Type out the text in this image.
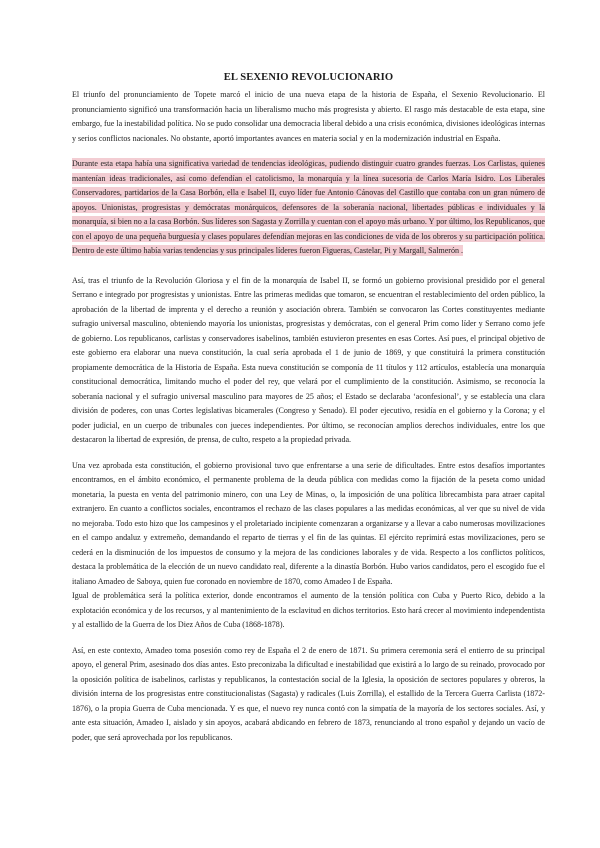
EL SEXENIO REVOLUCIONARIO

El triunfo del pronunciamiento de Topete marcó el inicio de una nueva etapa de la historia de España, el Sexenio Revolucionario. El pronunciamiento significó una transformación hacia un liberalismo mucho más progresista y abierto. El rasgo más destacable de esta etapa, sine embargo, fue la inestabilidad política. No se pudo consolidar una democracia liberal debido a una crisis económica, divisiones ideológicas internas y serios conflictos nacionales. No obstante, aportó importantes avances en materia social y en la modernización industrial en España.

Durante esta etapa había una significativa variedad de tendencias ideológicas, pudiendo distinguir cuatro grandes fuerzas. Los Carlistas, quienes mantenían ideas tradicionales, así como defendían el catolicismo, la monarquía y la línea sucesoria de Carlos María Isidro. Los Liberales Conservadores, partidarios de la Casa Borbón, ella e Isabel II, cuyo líder fue Antonio Cánovas del Castillo que contaba con un gran número de apoyos. Unionistas, progresistas y demócratas monárquicos, defensores de la soberanía nacional, libertades públicas e individuales y la monarquía, si bien no a la casa Borbón. Sus líderes son Sagasta y Zorrilla y cuentan con el apoyo más urbano. Y por último, los Republicanos, que con el apoyo de una pequeña burguesía y clases populares defendían mejoras en las condiciones de vida de los obreros y su participación política. Dentro de este último había varias tendencias y sus principales líderes fueron Figueras, Castelar, Pi y Margall, Salmerón .

Así, tras el triunfo de la Revolución Gloriosa y el fin de la monarquía de Isabel II, se formó un gobierno provisional presidido por el general Serrano e integrado por progresistas y unionistas. Entre las primeras medidas que tomaron, se encuentran el restablecimiento del orden público, la aprobación de la libertad de imprenta y el derecho a reunión y asociación obrera. También se convocaron las Cortes constituyentes mediante sufragio universal masculino, obteniendo mayoría los unionistas, progresistas y demócratas, con el general Prim como líder y Serrano como jefe de gobierno. Los republicanos, carlistas y conservadores isabelinos, también estuvieron presentes en esas Cortes. Así pues, el principal objetivo de este gobierno era elaborar una nueva constitución, la cual sería aprobada el 1 de junio de 1869, y que constituirá la primera constitución propiamente democrática de la Historia de España. Esta nueva constitución se componía de 11 títulos y 112 artículos, establecía una monarquía constitucional democrática, limitando mucho el poder del rey, que velará por el cumplimiento de la constitución. Asimismo, se reconocía la soberanía nacional y el sufragio universal masculino para mayores de 25 años; el Estado se declaraba ‘aconfesional’, y se establecía una clara división de poderes, con unas Cortes legislativas bicamerales (Congreso y Senado). El poder ejecutivo, residía en el gobierno y la Corona; y el poder judicial, en un cuerpo de tribunales con jueces independientes. Por último, se reconocían amplios derechos individuales, entre los que destacaron la libertad de expresión, de prensa, de culto, respeto a la propiedad privada.

Una vez aprobada esta constitución, el gobierno provisional tuvo que enfrentarse a una serie de dificultades. Entre estos desafíos importantes encontramos, en el ámbito económico, el permanente problema de la deuda pública con medidas como la fijación de la peseta como unidad monetaria, la puesta en venta del patrimonio minero, con una Ley de Minas, o, la imposición de una política librecambista para atraer capital extranjero. En cuanto a conflictos sociales, encontramos el rechazo de las clases populares a las medidas económicas, al ver que su nivel de vida no mejoraba. Todo esto hizo que los campesinos y el proletariado incipiente comenzaran a organizarse y a llevar a cabo numerosas movilizaciones en el campo andaluz y extremeño, demandando el reparto de tierras y el fin de las quintas. El ejército reprimirá estas movilizaciones, pero se cederá en la disminución de los impuestos de consumo y la mejora de las condiciones laborales y de vida. Respecto a los conflictos políticos, destaca la problemática de la elección de un nuevo candidato real, diferente a la dinastía Borbón. Hubo varios candidatos, pero el escogido fue el italiano Amadeo de Saboya, quien fue coronado en noviembre de 1870, como Amadeo I de España.

Igual de problemática será la política exterior, donde encontramos el aumento de la tensión política con Cuba y Puerto Rico, debido a la explotación económica y de los recursos, y al mantenimiento de la esclavitud en dichos territorios. Esto hará crecer al movimiento independentista y al estallido de la Guerra de los Diez Años de Cuba (1868-1878).

Así, en este contexto, Amadeo toma posesión como rey de España el 2 de enero de 1871. Su primera ceremonia será el entierro de su principal apoyo, el general Prim, asesinado dos días antes. Esto preconizaba la dificultad e inestabilidad que existirá a lo largo de su reinado, provocado por la oposición política de isabelinos, carlistas y republicanos, la contestación social de la Iglesia, la oposición de sectores populares y obreros, la división interna de los progresistas entre constitucionalistas (Sagasta) y radicales (Luis Zorrilla), el estallido de la Tercera Guerra Carlista (1872-1876), o la propia Guerra de Cuba mencionada. Y es que, el nuevo rey nunca contó con la simpatía de la mayoría de los sectores sociales. Así, y ante esta situación, Amadeo I, aislado y sin apoyos, acabará abdicando en febrero de 1873, renunciando al trono español y dejando un vacío de poder, que será aprovechada por los republicanos.
